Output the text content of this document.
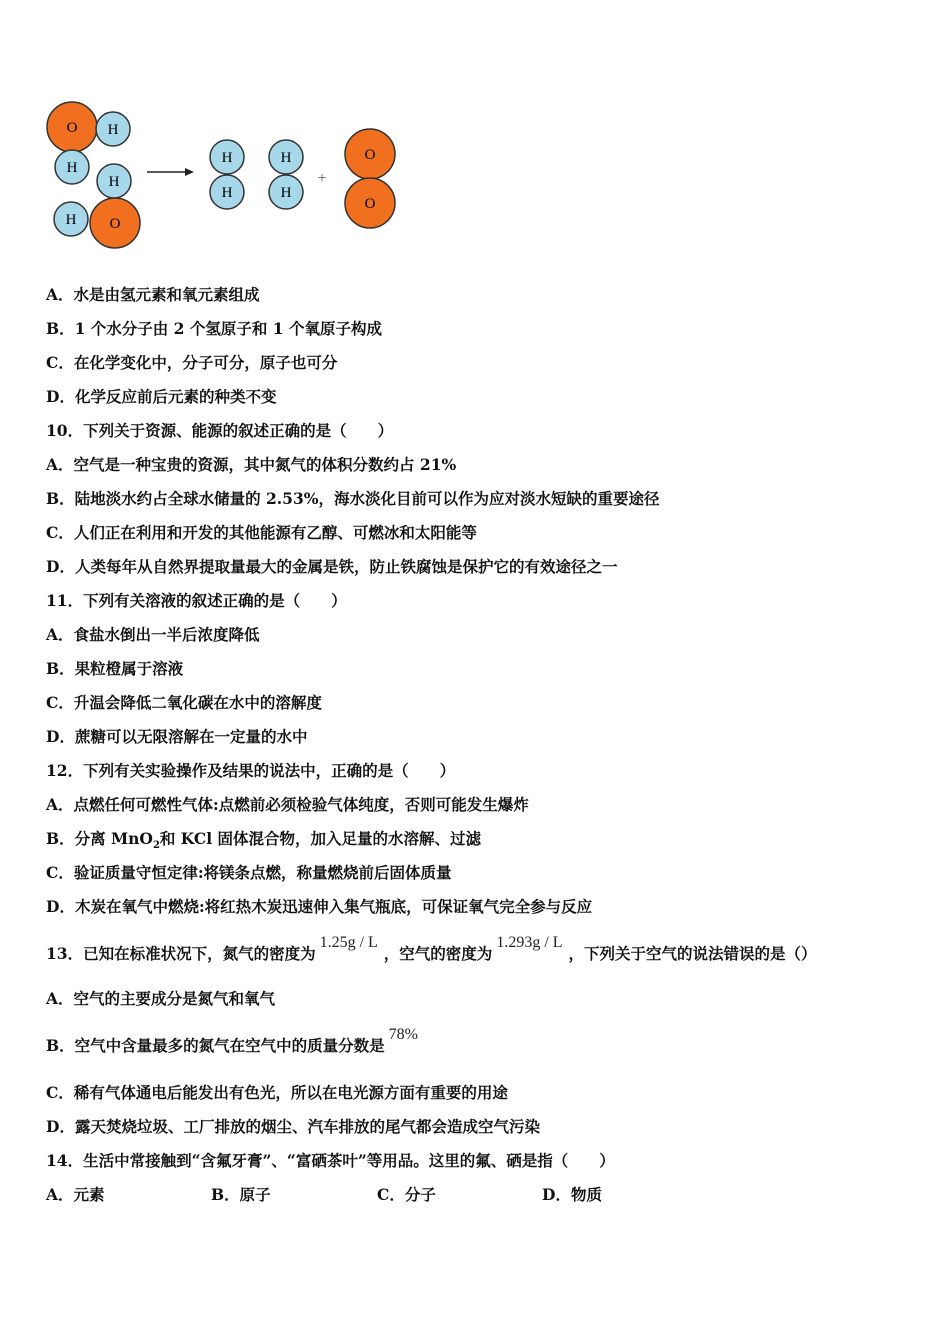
O H
H
H
H O
H
H
H
H
+
O
O
A．水是由氢元素和氧元素组成
B．1 个水分子由 2 个氢原子和 1 个氧原子构成
C．在化学变化中，分子可分，原子也可分
D．化学反应前后元素的种类不变
10．下列关于资源、能源的叙述正确的是（　　）
A．空气是一种宝贵的资源，其中氮气的体积分数约占 21%
B．陆地淡水约占全球水储量的 2.53%，海水淡化目前可以作为应对淡水短缺的重要途径
C．人们正在利用和开发的其他能源有乙醇、可燃冰和太阳能等
D．人类每年从自然界提取量最大的金属是铁，防止铁腐蚀是保护它的有效途径之一
11．下列有关溶液的叙述正确的是（　　）
A．食盐水倒出一半后浓度降低
B．果粒橙属于溶液
C．升温会降低二氧化碳在水中的溶解度
D．蔗糖可以无限溶解在一定量的水中
12．下列有关实验操作及结果的说法中，正确的是（　　）
A．点燃任何可燃性气体:点燃前必须检验气体纯度，否则可能发生爆炸
B．分离 MnO$_2$和 KCl 固体混合物，加入足量的水溶解、过滤
C．验证质量守恒定律:将镁条点燃，称量燃烧前后固体质量
D．木炭在氧气中燃烧:将红热木炭迅速伸入集气瓶底，可保证氧气完全参与反应
13．已知在标准状况下，氮气的密度为1.25g / L，空气的密度为1.293g / L，下列关于空气的说法错误的是（）
A．空气的主要成分是氮气和氧气
B．空气中含量最多的氮气在空气中的质量分数是78%
C．稀有气体通电后能发出有色光，所以在电光源方面有重要的用途
D．露天焚烧垃圾、工厂排放的烟尘、汽车排放的尾气都会造成空气污染
14．生活中常接触到“含氟牙膏”、“富硒茶叶”等用品。这里的氟、硒是指（　　）
A．元素	B．原子	C．分子	D．物质
